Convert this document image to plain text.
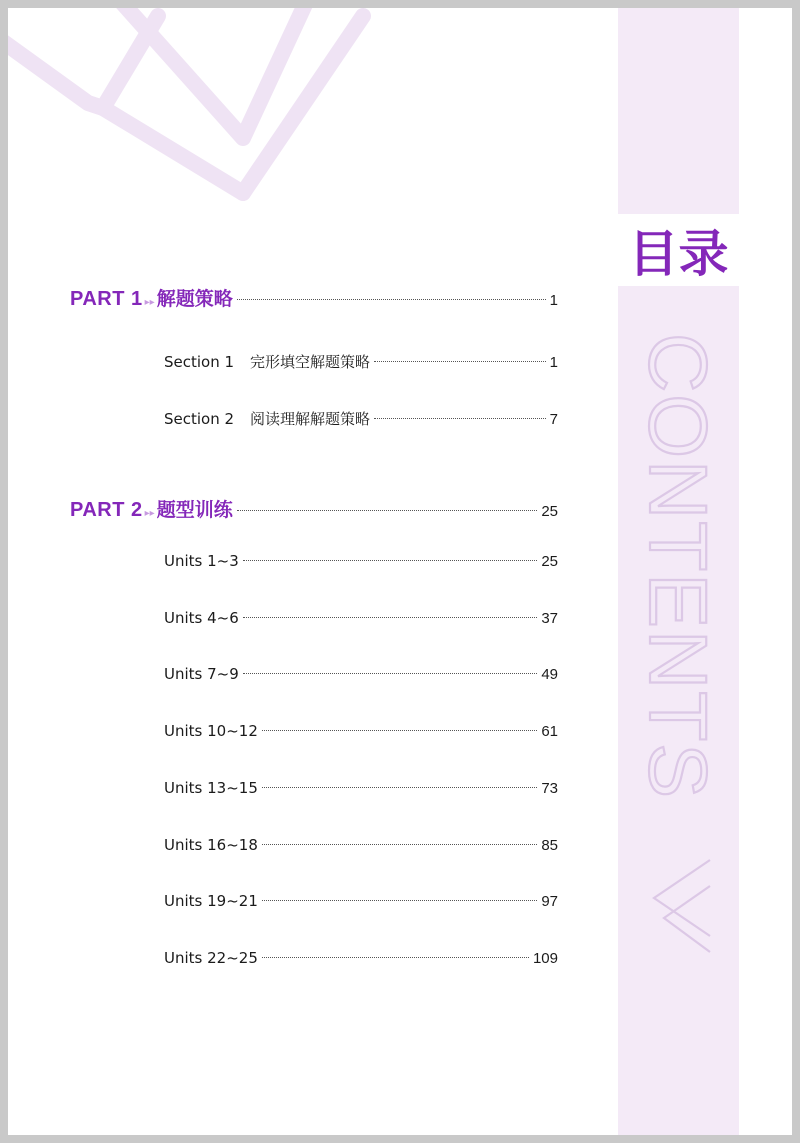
目录
CONTENTS
PART 1 ▸▸ 解题策略	1
Section 1 完形填空解题策略	1
Section 2 阅读理解解题策略	7
PART 2 ▸▸ 题型训练	25
Units 1~3	25
Units 4~6	37
Units 7~9	49
Units 10~12	61
Units 13~15	73
Units 16~18	85
Units 19~21	97
Units 22~25	109
